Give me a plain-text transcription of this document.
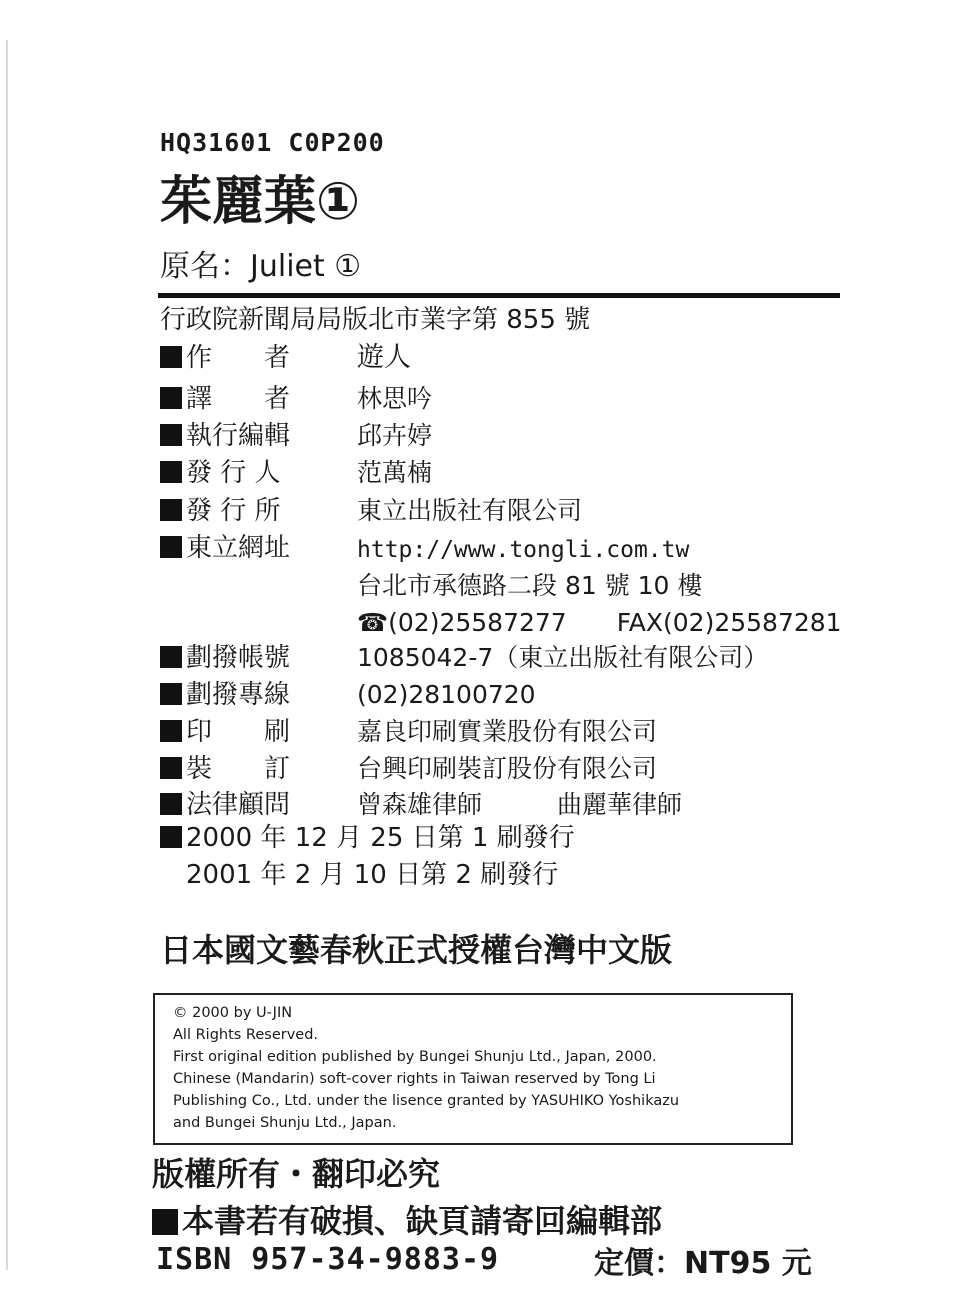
HQ31601 C0P200
茱麗葉①
原名：Juliet ①
行政院新聞局局版北市業字第 855 號
作　　者 遊人
譯　　者	林思吟
執行編輯	邱卉婷
發 行 人	范萬楠
發 行 所	東立出版社有限公司
東立網址	http://www.tongli.com.tw
台北市承德路二段 81 號 10 樓
☎(02)25587277　　FAX(02)25587281
劃撥帳號	1085042-7（東立出版社有限公司）
劃撥專線	(02)28100720
印　　刷	嘉良印刷實業股份有限公司
裝　　訂	台興印刷裝訂股份有限公司
法律顧問	曾森雄律師　　　曲麗華律師
2000 年 12 月 25 日第 1 刷發行
2001 年 2 月 10 日第 2 刷發行
日本國文藝春秋正式授權台灣中文版
© 2000 by U-JIN
All Rights Reserved.
First original edition published by Bungei Shunju Ltd., Japan, 2000.
Chinese (Mandarin) soft-cover rights in Taiwan reserved by Tong Li
Publishing Co., Ltd. under the lisence granted by YASUHIKO Yoshikazu
and Bungei Shunju Ltd., Japan.
版權所有・翻印必究
本書若有破損、缺頁請寄回編輯部
ISBN 957-34-9883-9	定價：NT95 元
